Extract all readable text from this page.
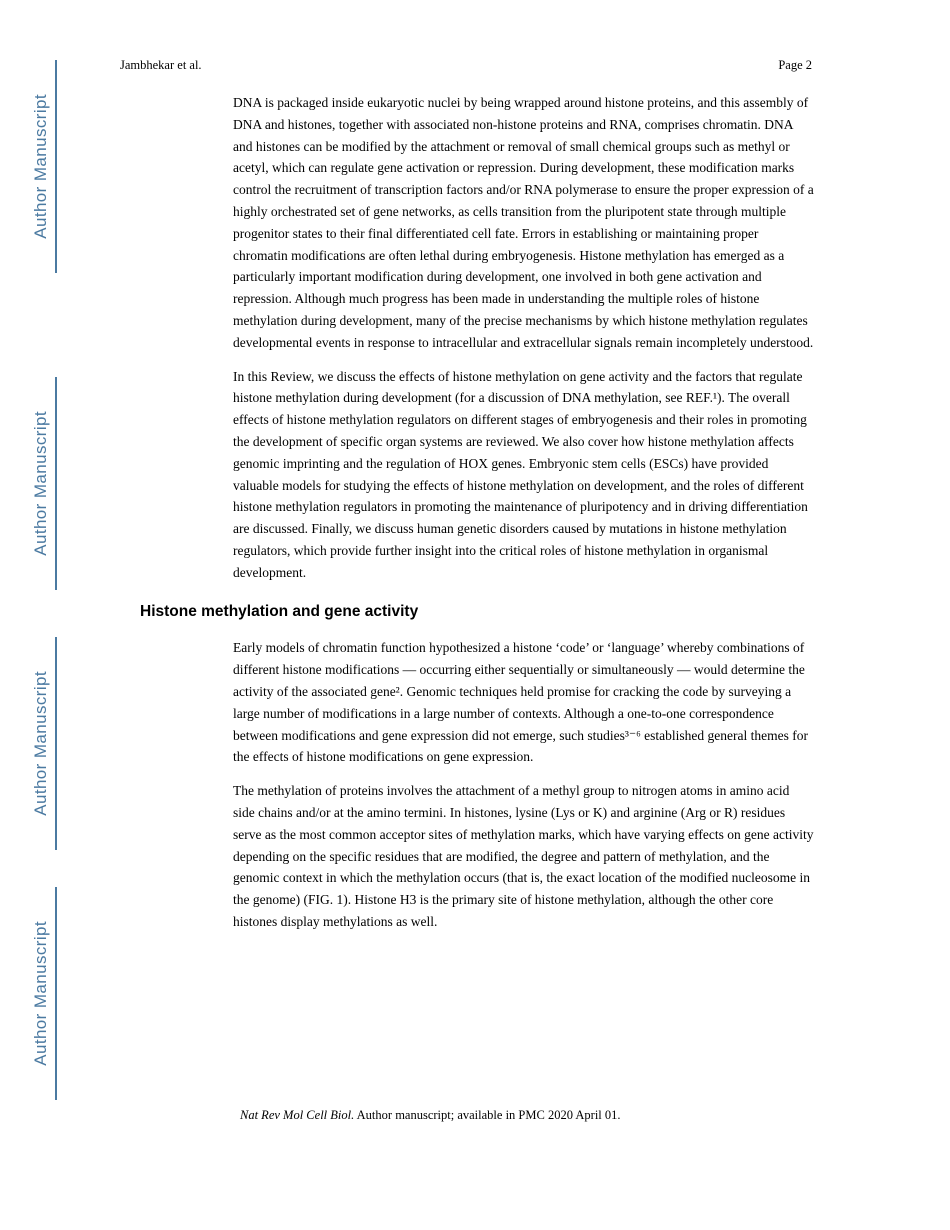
Author Manuscript
Author Manuscript
Author Manuscript
Author Manuscript
Jambhekar et al.	Page 2

DNA is packaged inside eukaryotic nuclei by being wrapped around histone proteins, and this assembly of DNA and histones, together with associated non-histone proteins and RNA, comprises chromatin. DNA and histones can be modified by the attachment or removal of small chemical groups such as methyl or acetyl, which can regulate gene activation or repression. During development, these modification marks control the recruitment of transcription factors and/or RNA polymerase to ensure the proper expression of a highly orchestrated set of gene networks, as cells transition from the pluripotent state through multiple progenitor states to their final differentiated cell fate. Errors in establishing or maintaining proper chromatin modifications are often lethal during embryogenesis. Histone methylation has emerged as a particularly important modification during development, one involved in both gene activation and repression. Although much progress has been made in understanding the multiple roles of histone methylation during development, many of the precise mechanisms by which histone methylation regulates developmental events in response to intracellular and extracellular signals remain incompletely understood.

In this Review, we discuss the effects of histone methylation on gene activity and the factors that regulate histone methylation during development (for a discussion of DNA methylation, see REF.¹). The overall effects of histone methylation regulators on different stages of embryogenesis and their roles in promoting the development of specific organ systems are reviewed. We also cover how histone methylation affects genomic imprinting and the regulation of HOX genes. Embryonic stem cells (ESCs) have provided valuable models for studying the effects of histone methylation on development, and the roles of different histone methylation regulators in promoting the maintenance of pluripotency and in driving differentiation are discussed. Finally, we discuss human genetic disorders caused by mutations in histone methylation regulators, which provide further insight into the critical roles of histone methylation in organismal development.

Histone methylation and gene activity

Early models of chromatin function hypothesized a histone ‘code’ or ‘language’ whereby combinations of different histone modifications — occurring either sequentially or simultaneously — would determine the activity of the associated gene². Genomic techniques held promise for cracking the code by surveying a large number of modifications in a large number of contexts. Although a one-to-one correspondence between modifications and gene expression did not emerge, such studies³⁻⁶ established general themes for the effects of histone modifications on gene expression.

The methylation of proteins involves the attachment of a methyl group to nitrogen atoms in amino acid side chains and/or at the amino termini. In histones, lysine (Lys or K) and arginine (Arg or R) residues serve as the most common acceptor sites of methylation marks, which have varying effects on gene activity depending on the specific residues that are modified, the degree and pattern of methylation, and the genomic context in which the methylation occurs (that is, the exact location of the modified nucleosome in the genome) (FIG. 1). Histone H3 is the primary site of histone methylation, although the other core histones display methylations as well.

Nat Rev Mol Cell Biol. Author manuscript; available in PMC 2020 April 01.
